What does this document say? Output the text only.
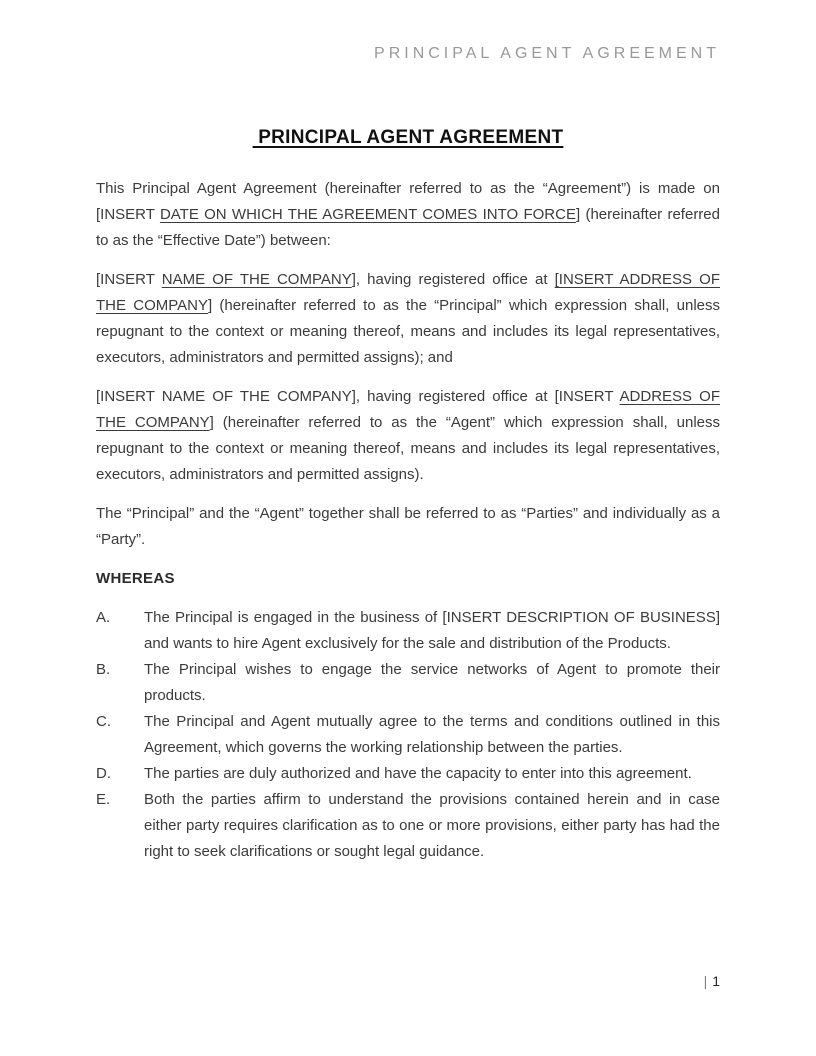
PRINCIPAL AGENT AGREEMENT
PRINCIPAL AGENT AGREEMENT

This Principal Agent Agreement (hereinafter referred to as the “Agreement”) is made on [INSERT DATE ON WHICH THE AGREEMENT COMES INTO FORCE] (hereinafter referred to as the “Effective Date”) between:

[INSERT NAME OF THE COMPANY], having registered office at [INSERT ADDRESS OF THE COMPANY] (hereinafter referred to as the “Principal” which expression shall, unless repugnant to the context or meaning thereof, means and includes its legal representatives, executors, administrators and permitted assigns); and

[INSERT NAME OF THE COMPANY], having registered office at [INSERT ADDRESS OF THE COMPANY] (hereinafter referred to as the “Agent” which expression shall, unless repugnant to the context or meaning thereof, means and includes its legal representatives, executors, administrators and permitted assigns).

The “Principal” and the “Agent” together shall be referred to as “Parties” and individually as a “Party”.

WHEREAS
A.	The Principal is engaged in the business of [INSERT DESCRIPTION OF BUSINESS] and wants to hire Agent exclusively for the sale and distribution of the Products.
B.	The Principal wishes to engage the service networks of Agent to promote their products.
C.	The Principal and Agent mutually agree to the terms and conditions outlined in this Agreement, which governs the working relationship between the parties.
D.	The parties are duly authorized and have the capacity to enter into this agreement.
E.	Both the parties affirm to understand the provisions contained herein and in case either party requires clarification as to one or more provisions, either party has had the right to seek clarifications or sought legal guidance.
| 1
